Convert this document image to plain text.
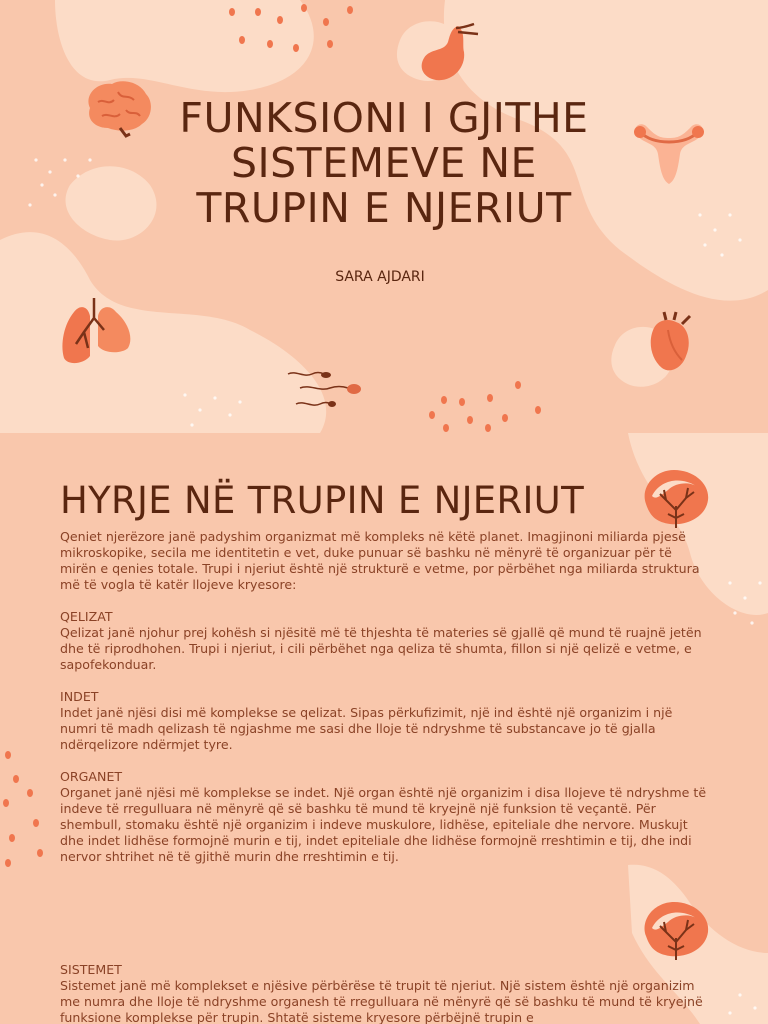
FUNKSIONI I GJITHE SISTEMEVE NE TRUPIN E NJERIUT
SARA AJDARI
HYRJE NË TRUPIN E NJERIUT
Qeniet njerëzore janë padyshim organizmat më kompleks në këtë planet. Imagjinoni miliarda pjesë mikroskopike, secila me identitetin e vet, duke punuar së bashku në mënyrë të organizuar për të mirën e qenies totale. Trupi i njeriut është një strukturë e vetme, por përbëhet nga miliarda struktura më të vogla të katër llojeve kryesore:
QELIZAT
Qelizat janë njohur prej kohësh si njësitë më të thjeshta të materies së gjallë që mund të ruajnë jetën dhe të riprodhohen. Trupi i njeriut, i cili përbëhet nga qeliza të shumta, fillon si një qelizë e vetme, e sapofekonduar.
INDET
Indet janë njësi disi më komplekse se qelizat. Sipas përkufizimit, një ind është një organizim i një numri të madh qelizash të ngjashme me sasi dhe lloje të ndryshme të substancave jo të gjalla ndërqelizore ndërmjet tyre.
ORGANET
Organet janë njësi më komplekse se indet. Një organ është një organizim i disa llojeve të ndryshme të indeve të rregulluara në mënyrë që së bashku të mund të kryejnë një funksion të veçantë. Për shembull, stomaku është një organizim i indeve muskulore, lidhëse, epiteliale dhe nervore. Muskujt dhe indet lidhëse formojnë murin e tij, indet epiteliale dhe lidhëse formojnë rreshtimin e tij, dhe indi nervor shtrihet në të gjithë murin dhe rreshtimin e tij.
SISTEMET
Sistemet janë më komplekset e njësive përbërëse të trupit të njeriut. Një sistem është një organizim me numra dhe lloje të ndryshme organesh të rregulluara në mënyrë që së bashku të mund të kryejnë funksione komplekse për trupin. Shtatë sisteme kryesore përbëjnë trupin e
